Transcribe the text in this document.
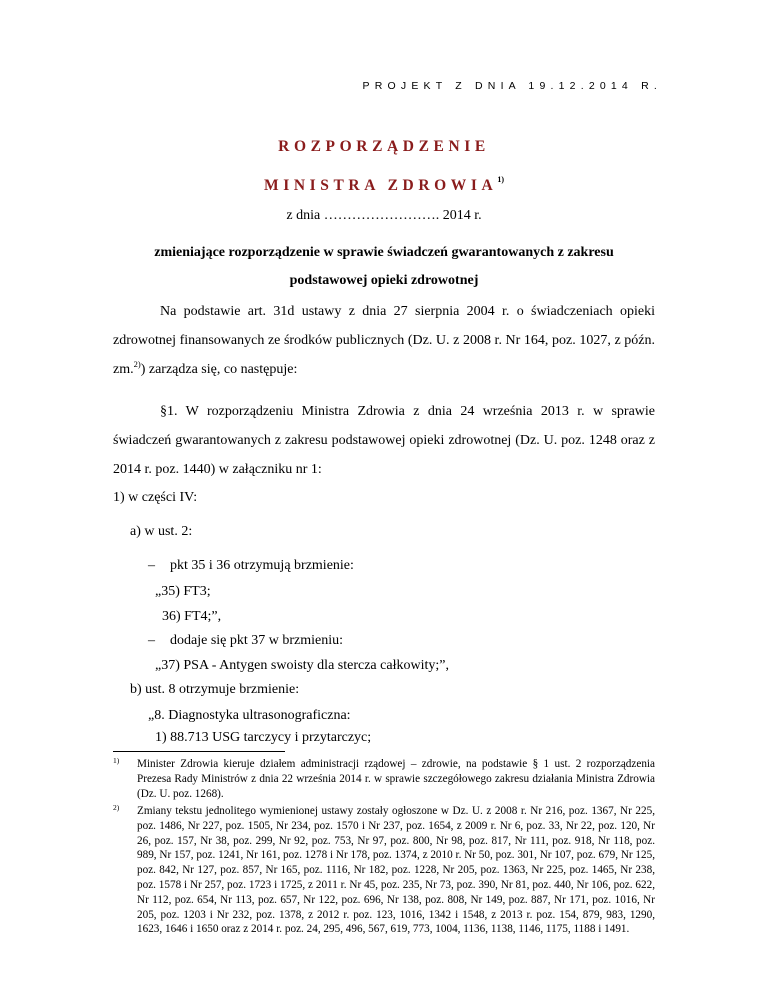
PROJEKT Z DNIA 19.12.2014 R.
ROZPORZĄDZENIE
MINISTRA ZDROWIA$^{1)}$
z dnia ……………………. 2014 r.
zmieniające rozporządzenie w sprawie świadczeń gwarantowanych z zakresu
podstawowej opieki zdrowotnej
Na podstawie art. 31d ustawy z dnia 27 sierpnia 2004 r. o świadczeniach opieki zdrowotnej finansowanych ze środków publicznych (Dz. U. z 2008 r. Nr 164, poz. 1027, z późn. zm.$^{2)}$) zarządza się, co następuje:
§1. W rozporządzeniu Ministra Zdrowia z dnia 24 września 2013 r. w sprawie świadczeń gwarantowanych z zakresu podstawowej opieki zdrowotnej (Dz. U. poz. 1248 oraz z 2014 r. poz. 1440) w załączniku nr 1:
1) w części IV:
a) w ust. 2:
– pkt 35 i 36 otrzymują brzmienie:
„35) FT3;
36) FT4;”,
– dodaje się pkt 37 w brzmieniu:
„37) PSA - Antygen swoisty dla stercza całkowity;”,
b) ust. 8 otrzymuje brzmienie:
„8. Diagnostyka ultrasonograficzna:
1) 88.713 USG tarczycy i przytarczyc;
1) Minister Zdrowia kieruje działem administracji rządowej – zdrowie, na podstawie § 1 ust. 2 rozporządzenia Prezesa Rady Ministrów z dnia 22 września 2014 r. w sprawie szczegółowego zakresu działania Ministra Zdrowia (Dz. U. poz. 1268).
2) Zmiany tekstu jednolitego wymienionej ustawy zostały ogłoszone w Dz. U. z 2008 r. Nr 216, poz. 1367, Nr 225, poz. 1486, Nr 227, poz. 1505, Nr 234, poz. 1570 i Nr 237, poz. 1654, z 2009 r. Nr 6, poz. 33, Nr 22, poz. 120, Nr 26, poz. 157, Nr 38, poz. 299, Nr 92, poz. 753, Nr 97, poz. 800, Nr 98, poz. 817, Nr 111, poz. 918, Nr 118, poz. 989, Nr 157, poz. 1241, Nr 161, poz. 1278 i Nr 178, poz. 1374, z 2010 r. Nr 50, poz. 301, Nr 107, poz. 679, Nr 125, poz. 842, Nr 127, poz. 857, Nr 165, poz. 1116, Nr 182, poz. 1228, Nr 205, poz. 1363, Nr 225, poz. 1465, Nr 238, poz. 1578 i Nr 257, poz. 1723 i 1725, z 2011 r. Nr 45, poz. 235, Nr 73, poz. 390, Nr 81, poz. 440, Nr 106, poz. 622, Nr 112, poz. 654, Nr 113, poz. 657, Nr 122, poz. 696, Nr 138, poz. 808, Nr 149, poz. 887, Nr 171, poz. 1016, Nr 205, poz. 1203 i Nr 232, poz. 1378, z 2012 r. poz. 123, 1016, 1342 i 1548, z 2013 r. poz. 154, 879, 983, 1290, 1623, 1646 i 1650 oraz z 2014 r. poz. 24, 295, 496, 567, 619, 773, 1004, 1136, 1138, 1146, 1175, 1188 i 1491.
